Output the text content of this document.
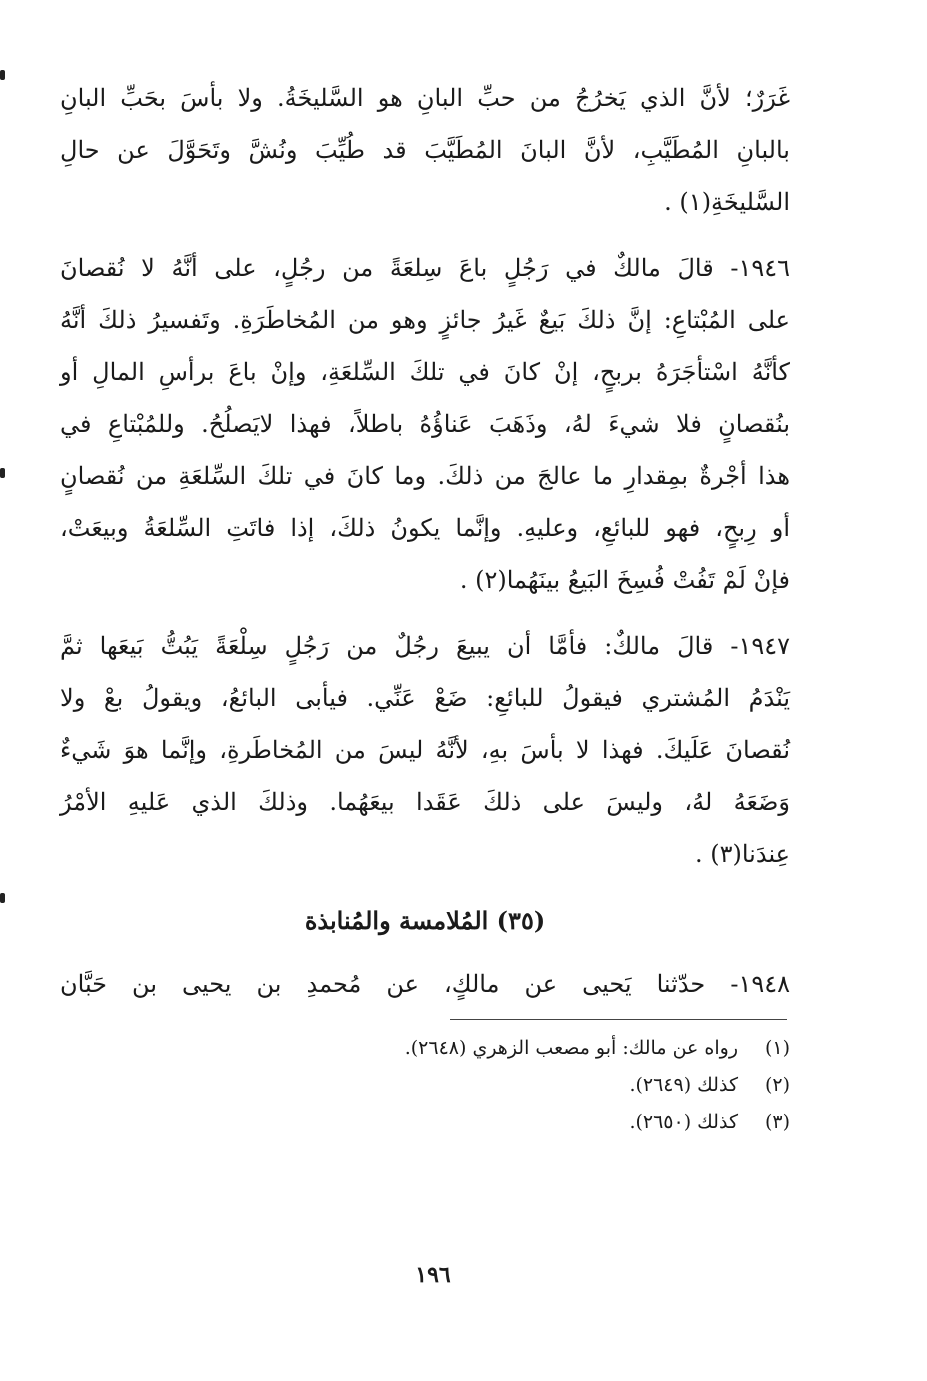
غَرَرٌ؛ لأنَّ الذي يَخرُجُ من حبِّ البانِ هو السَّليخَةُ. ولا بأسَ بحَبِّ البانِ
بالبانِ المُطَيَّبِ، لأنَّ البانَ المُطَيَّبَ قد طُيِّبَ ونُشَّ وتَحَوَّلَ عن حالِ
السَّليخَةِ(١) .
١٩٤٦- قالَ مالكٌ في رَجُلٍ باعَ سِلعَةً من رجُلٍ، على أنَّهُ لا نُقصانَ
على المُبْتاعِ: إنَّ ذلكَ بَيعٌ غَيرُ جائزٍ وهو من المُخاطَرَةِ. وتَفسيرُ ذلكَ أنَّهُ
كأنَّهُ اسْتأجَرَهُ بربحٍ، إنْ كانَ في تلكَ السِّلعَةِ، وإنْ باعَ برأسِ المالِ أو
بنُقصانٍ فلا شيءَ لهُ، وذَهَبَ عَناؤُهُ باطلاً، فهذا لايَصلُحُ. وللمُبْتاعِ في
هذا أجْرةٌ بمِقدارِ ما عالجَ من ذلكَ. وما كانَ في تلكَ السِّلعَةِ من نُقصانٍ
أو رِبحٍ، فهو للبائعِ، وعليهِ. وإنَّما يكونُ ذلكَ، إذا فاتَتِ السِّلعَةُ وبيعَتْ،
فإنْ لَمْ تَفُتْ فُسِخَ البَيعُ بينَهُما(٢) .
١٩٤٧- قالَ مالكٌ: فأمَّا أن يبيعَ رجُلٌ من رَجُلٍ سِلْعَةً يَبُتُّ بَيعَها ثمَّ
يَنْدَمُ المُشتري فيقولُ للبائعِ: ضَعْ عَنِّي. فيأبى البائعُ، ويقولُ بعْ ولا
نُقصانَ عَلَيكَ. فهذا لا بأسَ بهِ، لأنَّهُ ليسَ من المُخاطَرةِ، وإنَّما هوَ شَيءٌ
وَضَعَهُ لهُ، وليسَ على ذلكَ عَقَدا بيعَهُما. وذلكَ الذي عَليهِ الأمْرُ
عِندَنا(٣) .
(٣٥) المُلامسة والمُنابذة
١٩٤٨- حدّثنا يَحيى عن مالكٍ، عن مُحمدِ بن يحيى بن حَبَّان
(١)رواه عن مالك: أبو مصعب الزهري (٢٦٤٨).
(٢)كذلك (٢٦٤٩).
(٣)كذلك (٢٦٥٠).
١٩٦
